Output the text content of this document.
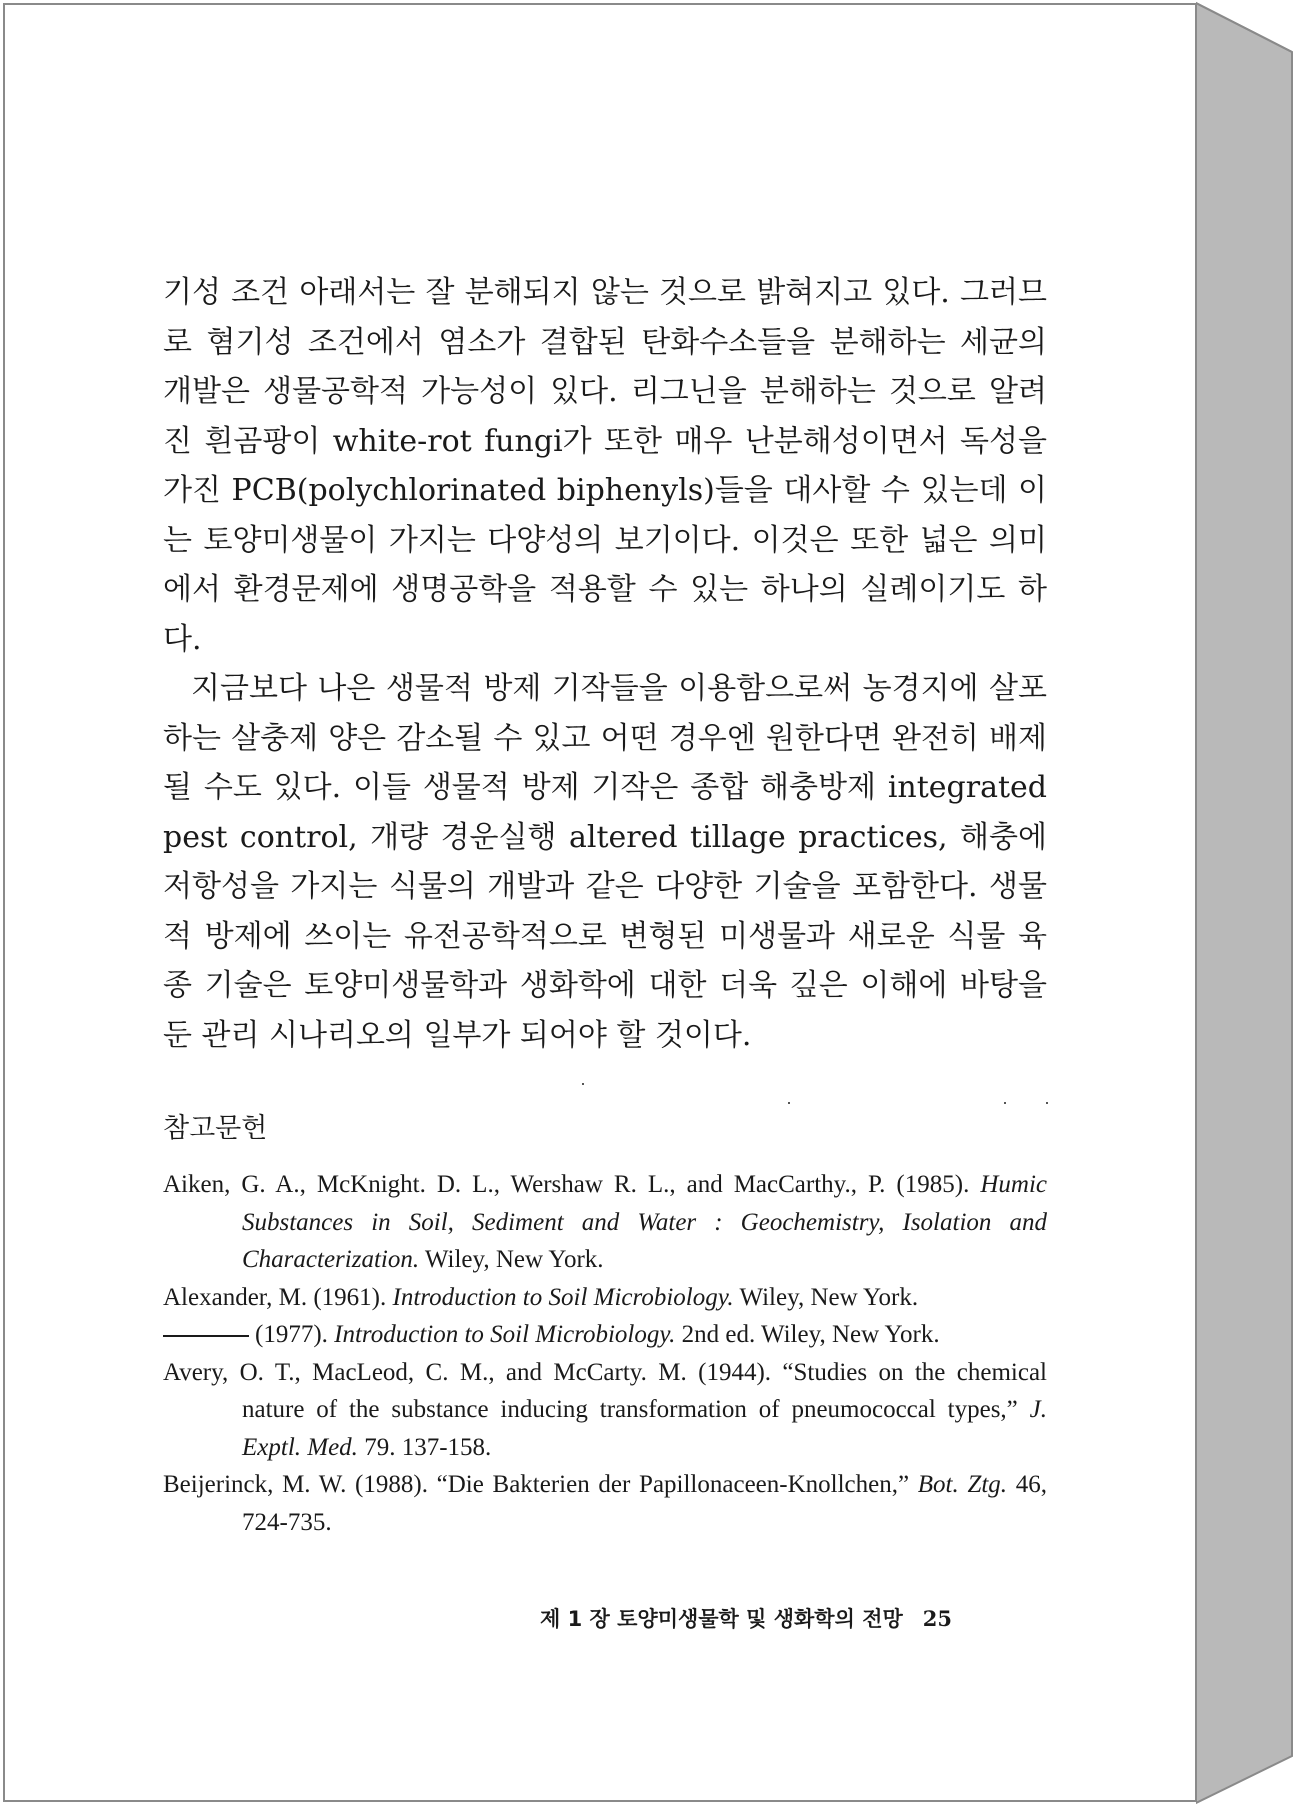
기성 조건 아래서는 잘 분해되지 않는 것으로 밝혀지고 있다. 그러므로 혐기성 조건에서 염소가 결합된 탄화수소들을 분해하는 세균의 개발은 생물공학적 가능성이 있다. 리그닌을 분해하는 것으로 알려진 흰곰팡이 white-rot fungi가 또한 매우 난분해성이면서 독성을 가진 PCB(polychlorinated biphenyls)들을 대사할 수 있는데 이는 토양미생물이 가지는 다양성의 보기이다. 이것은 또한 넓은 의미에서 환경문제에 생명공학을 적용할 수 있는 하나의 실례이기도 하다.

지금보다 나은 생물적 방제 기작들을 이용함으로써 농경지에 살포하는 살충제 양은 감소될 수 있고 어떤 경우엔 원한다면 완전히 배제될 수도 있다. 이들 생물적 방제 기작은 종합 해충방제 integrated pest control, 개량 경운실행 altered tillage practices, 해충에 저항성을 가지는 식물의 개발과 같은 다양한 기술을 포함한다. 생물적 방제에 쓰이는 유전공학적으로 변형된 미생물과 새로운 식물 육종 기술은 토양미생물학과 생화학에 대한 더욱 깊은 이해에 바탕을 둔 관리 시나리오의 일부가 되어야 할 것이다.

참고문헌
Aiken, G. A., McKnight. D. L., Wershaw R. L., and MacCarthy., P. (1985). Humic Substances in Soil, Sediment and Water : Geochemistry, Isolation and Characterization. Wiley, New York.
Alexander, M. (1961). Introduction to Soil Microbiology. Wiley, New York.
(1977). Introduction to Soil Microbiology. 2nd ed. Wiley, New York.
Avery, O. T., MacLeod, C. M., and McCarty. M. (1944). “Studies on the chemical nature of the substance inducing transformation of pneumococcal types,” J. Exptl. Med. 79. 137-158.
Beijerinck, M. W. (1988). “Die Bakterien der Papillonaceen-Knollchen,” Bot. Ztg. 46, 724-735.
제 1 장 토양미생물학 및 생화학의 전망 25
